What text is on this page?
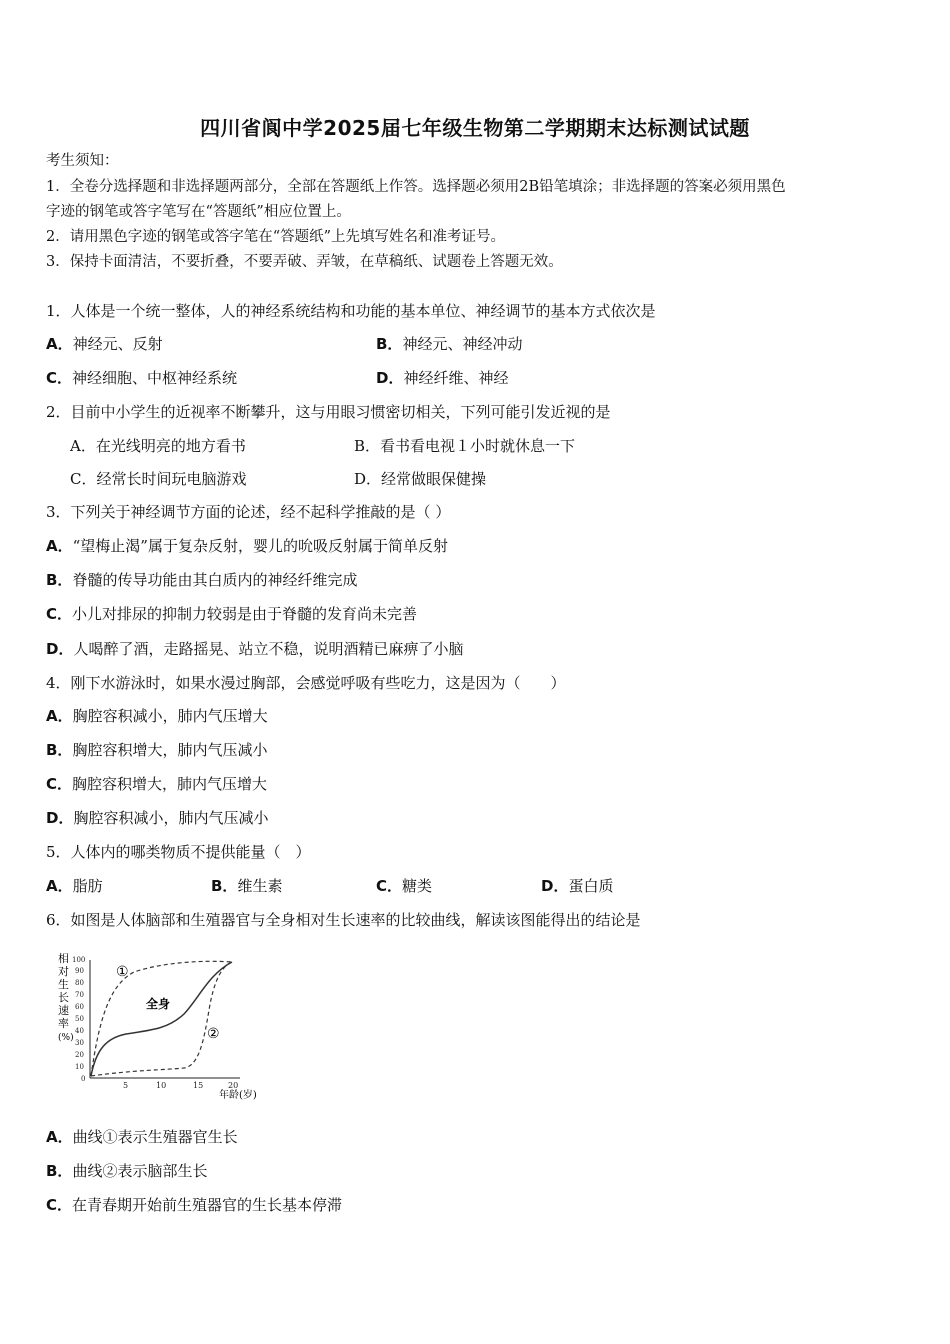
四川省阆中学2025届七年级生物第二学期期末达标测试试题
考生须知：
1．全卷分选择题和非选择题两部分，全部在答题纸上作答。选择题必须用2B铅笔填涂；非选择题的答案必须用黑色
字迹的钢笔或答字笔写在“答题纸”相应位置上。
2．请用黑色字迹的钢笔或答字笔在“答题纸”上先填写姓名和准考证号。
3．保持卡面清洁，不要折叠，不要弄破、弄皱，在草稿纸、试题卷上答题无效。
1．人体是一个统一整体，人的神经系统结构和功能的基本单位、神经调节的基本方式依次是
A．神经元、反射	B．神经元、神经冲动
C．神经细胞、中枢神经系统	D．神经纤维、神经
2．目前中小学生的近视率不断攀升，这与用眼习惯密切相关，下列可能引发近视的是
A．在光线明亮的地方看书	B．看书看电视１小时就休息一下
C．经常长时间玩电脑游戏	D．经常做眼保健操
3．下列关于神经调节方面的论述，经不起科学推敲的是（ ）
A．“望梅止渴”属于复杂反射，婴儿的吮吸反射属于简单反射
B．脊髓的传导功能由其白质内的神经纤维完成
C．小儿对排尿的抑制力较弱是由于脊髓的发育尚未完善
D．人喝醉了酒，走路摇晃、站立不稳，说明酒精已麻痹了小脑
4．刚下水游泳时，如果水漫过胸部，会感觉呼吸有些吃力，这是因为（　　）
A．胸腔容积减小，肺内气压增大
B．胸腔容积增大，肺内气压减小
C．胸腔容积增大，肺内气压增大
D．胸腔容积减小，肺内气压减小
5．人体内的哪类物质不提供能量（　）
A．脂肪	B．维生素	C．糖类	D．蛋白质
6．如图是人体脑部和生殖器官与全身相对生长速率的比较曲线，解读该图能得出的结论是
相
对
生
长
速
率
(%)
100
90
80
70
60
50
40
30
20
10
0
5	10	15	20
年龄(岁)
①
全身
②
A．曲线①表示生殖器官生长
B．曲线②表示脑部生长
C．在青春期开始前生殖器官的生长基本停滞
